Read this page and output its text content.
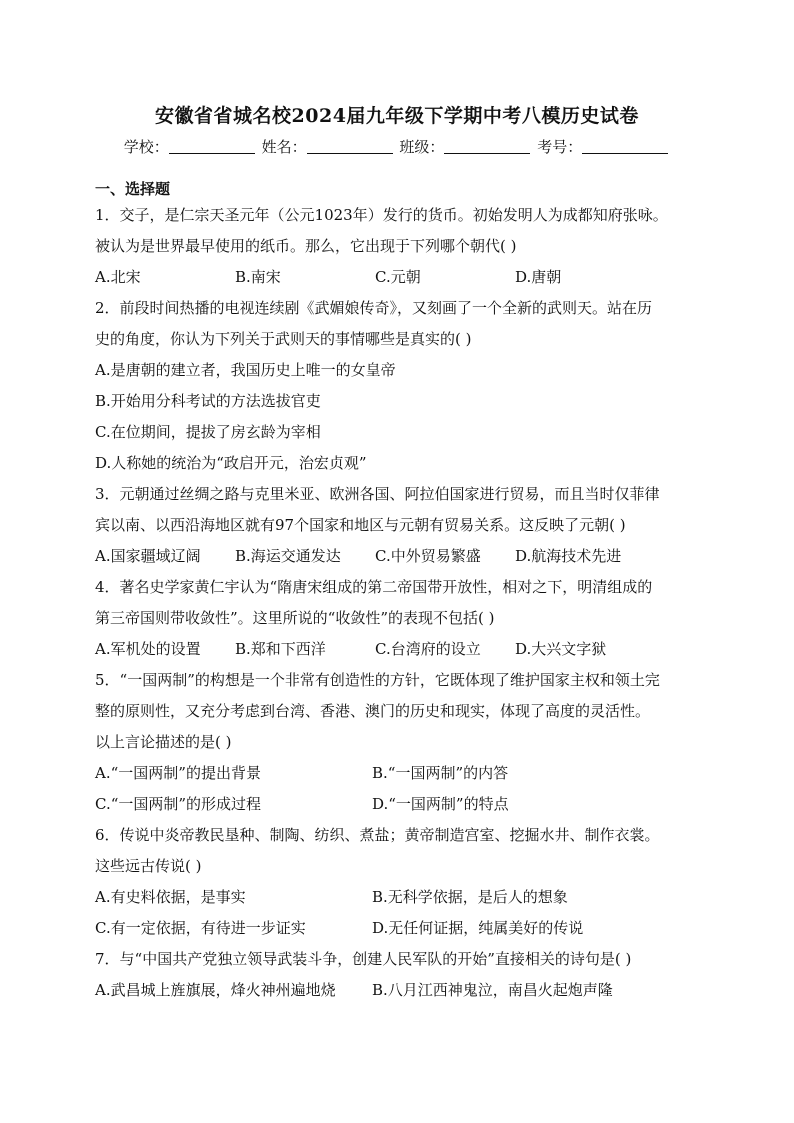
安徽省省城名校2024届九年级下学期中考八模历史试卷
学校：	姓名：	班级：	考号：
一、选择题
1．交子，是仁宗天圣元年（公元1023年）发行的货币。初始发明人为成都知府张咏。
被认为是世界最早使用的纸币。那么，它出现于下列哪个朝代( )
A.北宋	B.南宋	C.元朝	D.唐朝
2．前段时间热播的电视连续剧《武媚娘传奇》，又刻画了一个全新的武则天。站在历
史的角度，你认为下列关于武则天的事情哪些是真实的( )
A.是唐朝的建立者，我国历史上唯一的女皇帝
B.开始用分科考试的方法选拔官吏
C.在位期间，提拔了房玄龄为宰相
D.人称她的统治为“政启开元，治宏贞观”
3．元朝通过丝绸之路与克里米亚、欧洲各国、阿拉伯国家进行贸易，而且当时仅菲律
宾以南、以西沿海地区就有97个国家和地区与元朝有贸易关系。这反映了元朝( )
A.国家疆域辽阔	B.海运交通发达	C.中外贸易繁盛	D.航海技术先进
4．著名史学家黄仁宇认为“隋唐宋组成的第二帝国带开放性，相对之下，明清组成的
第三帝国则带收敛性”。这里所说的“收敛性”的表现不包括( )
A.军机处的设置	B.郑和下西洋	C.台湾府的设立	D.大兴文字狱
5．“一国两制”的构想是一个非常有创造性的方针，它既体现了维护国家主权和领土完
整的原则性，又充分考虑到台湾、香港、澳门的历史和现实，体现了高度的灵活性。
以上言论描述的是( )
A.“一国两制”的提出背景	B.“一国两制”的内答
C.“一国两制”的形成过程	D.“一国两制”的特点
6．传说中炎帝教民垦种、制陶、纺织、煮盐；黄帝制造宫室、挖掘水井、制作衣裳。
这些远古传说( )
A.有史料依据，是事实	B.无科学依据，是后人的想象
C.有一定依据，有待进一步证实	D.无任何证据，纯属美好的传说
7．与“中国共产党独立领导武装斗争，创建人民军队的开始”直接相关的诗句是( )
A.武昌城上旌旗展，烽火神州遍地烧	B.八月江西神鬼泣，南昌火起炮声隆
